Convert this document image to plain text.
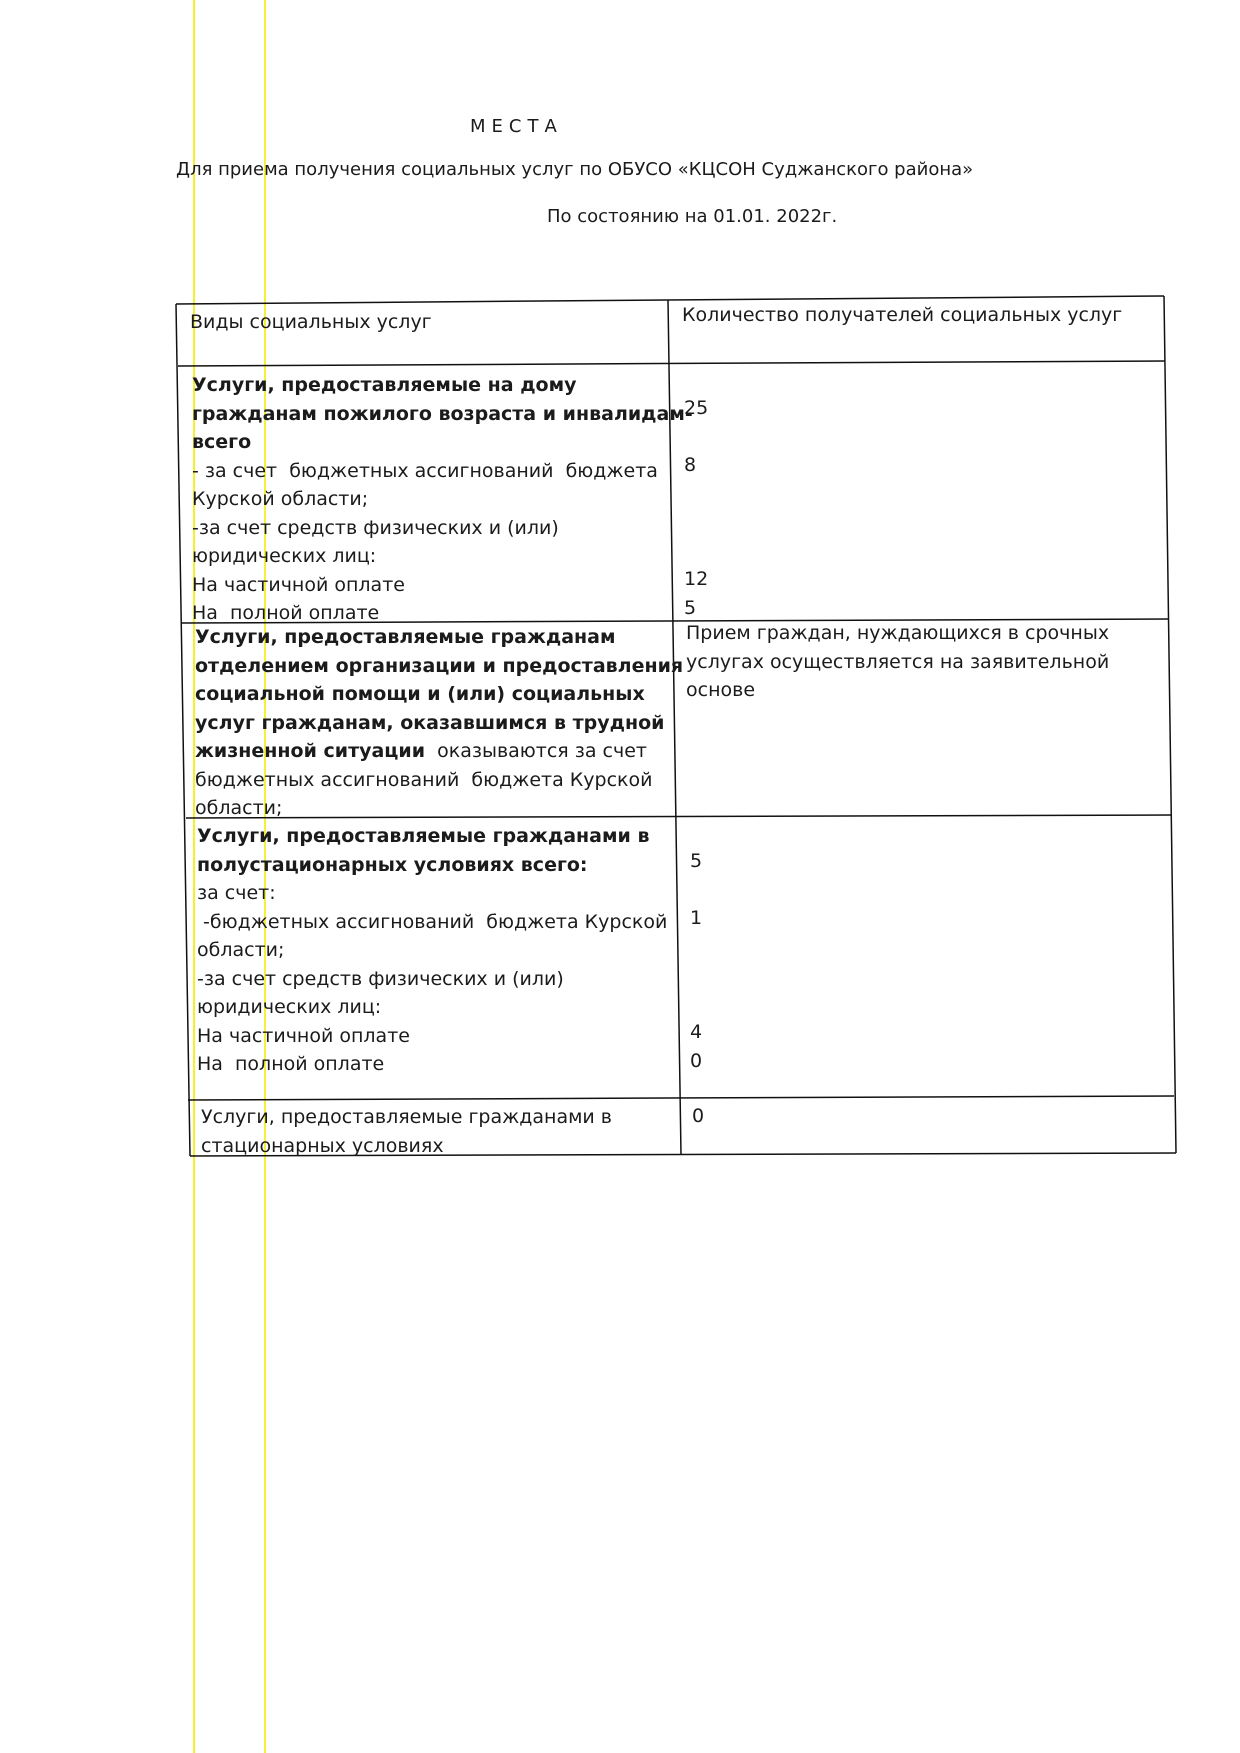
МЕСТА
Для приема получения социальных услуг по ОБУСО «КЦСОН Суджанского района»
По состоянию на 01.01. 2022г.
Виды социальных услуг	Количество получателей социальных услуг
Услуги, предоставляемые на дому
гражданам пожилого возраста и инвалидам-
всего
- за счет  бюджетных ассигнований  бюджета
Курской области;
-за счет средств физических и (или)
юридических лиц:
На частичной оплате
На  полной оплате
25
8
12
5
Услуги, предоставляемые гражданам
отделением организации и предоставления
социальной помощи и (или) социальных
услуг гражданам, оказавшимся в трудной
жизненной ситуации  оказываются за счет
бюджетных ассигнований  бюджета Курской
области;
Прием граждан, нуждающихся в срочных
услугах осуществляется на заявительной
основе
Услуги, предоставляемые гражданами в
полустационарных условиях всего:
за счет:
-бюджетных ассигнований  бюджета Курской
области;
-за счет средств физических и (или)
юридических лиц:
На частичной оплате
На  полной оплате
5
1
4
0
Услуги, предоставляемые гражданами в
стационарных условиях
0
